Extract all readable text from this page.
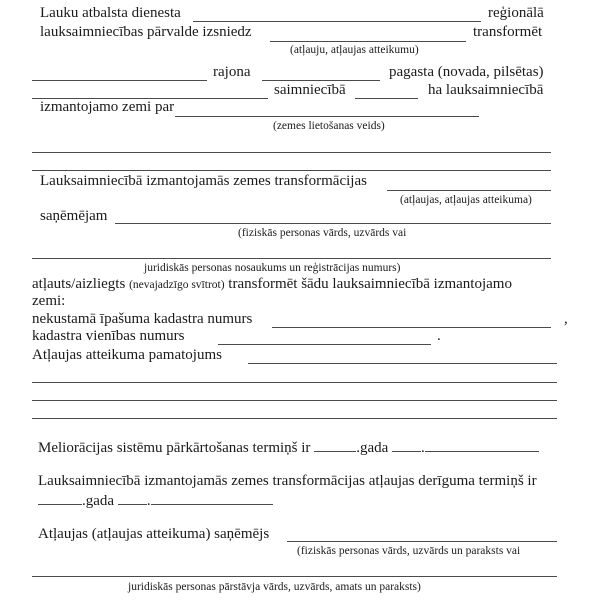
Lauku atbalsta dienesta	reģionālā
lauksaimniecības pārvalde izsniedz	transformēt
(atļauju, atļaujas atteikumu)
rajona	pagasta (novada, pilsētas)
saimniecībā	ha lauksaimniecībā
izmantojamo zemi par
(zemes lietošanas veids)
Lauksaimniecībā izmantojamās zemes transformācijas
(atļaujas, atļaujas atteikuma)
saņēmējam
(fiziskās personas vārds, uzvārds vai
juridiskās personas nosaukums un reģistrācijas numurs)
atļauts/aizliegts (nevajadzīgo svītrot) transformēt šādu lauksaimniecībā izmantojamo
zemi:
nekustamā īpašuma kadastra numurs	,
kadastra vienības numurs	.
Atļaujas atteikuma pamatojums
Meliorācijas sistēmu pārkārtošanas termiņš ir	.gada .
Lauksaimniecībā izmantojamās zemes transformācijas atļaujas derīguma termiņš ir
.gada .
Atļaujas (atļaujas atteikuma) saņēmējs
(fiziskās personas vārds, uzvārds un paraksts vai
juridiskās personas pārstāvja vārds, uzvārds, amats un paraksts)
